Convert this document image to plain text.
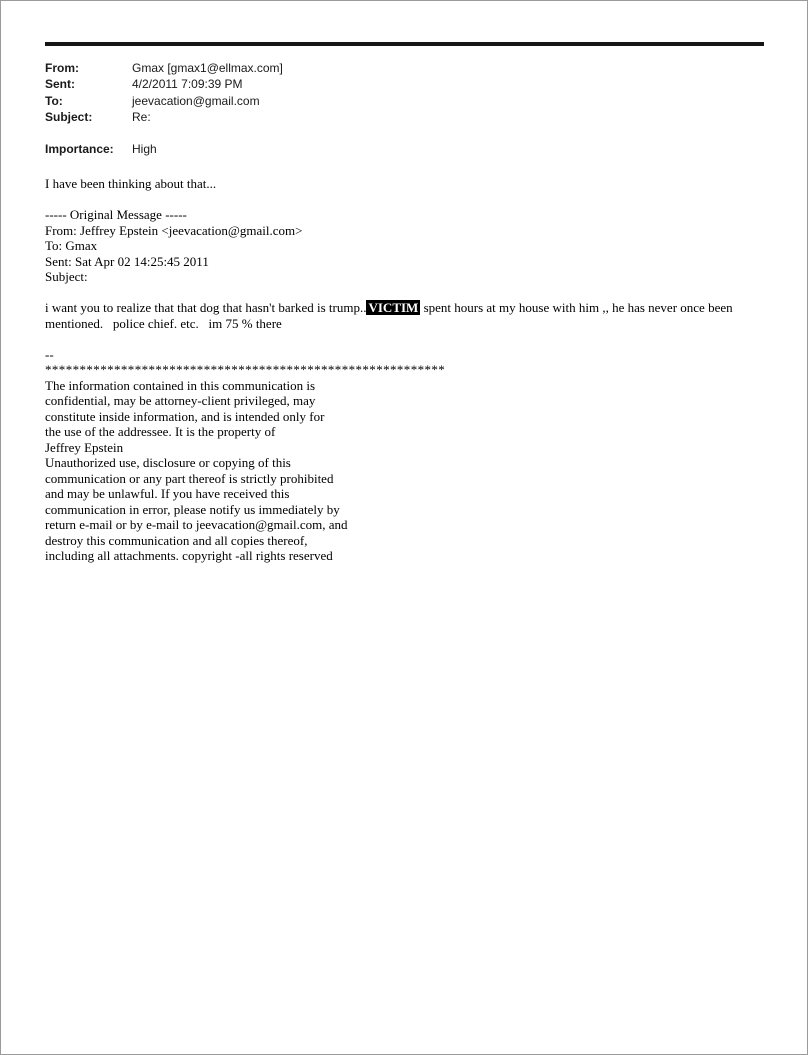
From:	Gmax [gmax1@ellmax.com]
Sent:	4/2/2011 7:09:39 PM
To:	jeevacation@gmail.com
Subject:	Re:
Importance:	High

I have been thinking about that...

----- Original Message -----
From: Jeffrey Epstein <jeevacation@gmail.com>
To: Gmax
Sent: Sat Apr 02 14:25:45 2011
Subject:

i want you to realize that that dog that hasn't barked is trump.. VICTIM spent hours at my house with him ,, he has never once been
mentioned.   police chief. etc.   im 75 % there

--
**********************************************************
The information contained in this communication is
confidential, may be attorney-client privileged, may
constitute inside information, and is intended only for
the use of the addressee. It is the property of
Jeffrey Epstein
Unauthorized use, disclosure or copying of this
communication or any part thereof is strictly prohibited
and may be unlawful. If you have received this
communication in error, please notify us immediately by
return e-mail or by e-mail to jeevacation@gmail.com, and
destroy this communication and all copies thereof,
including all attachments. copyright -all rights reserved
